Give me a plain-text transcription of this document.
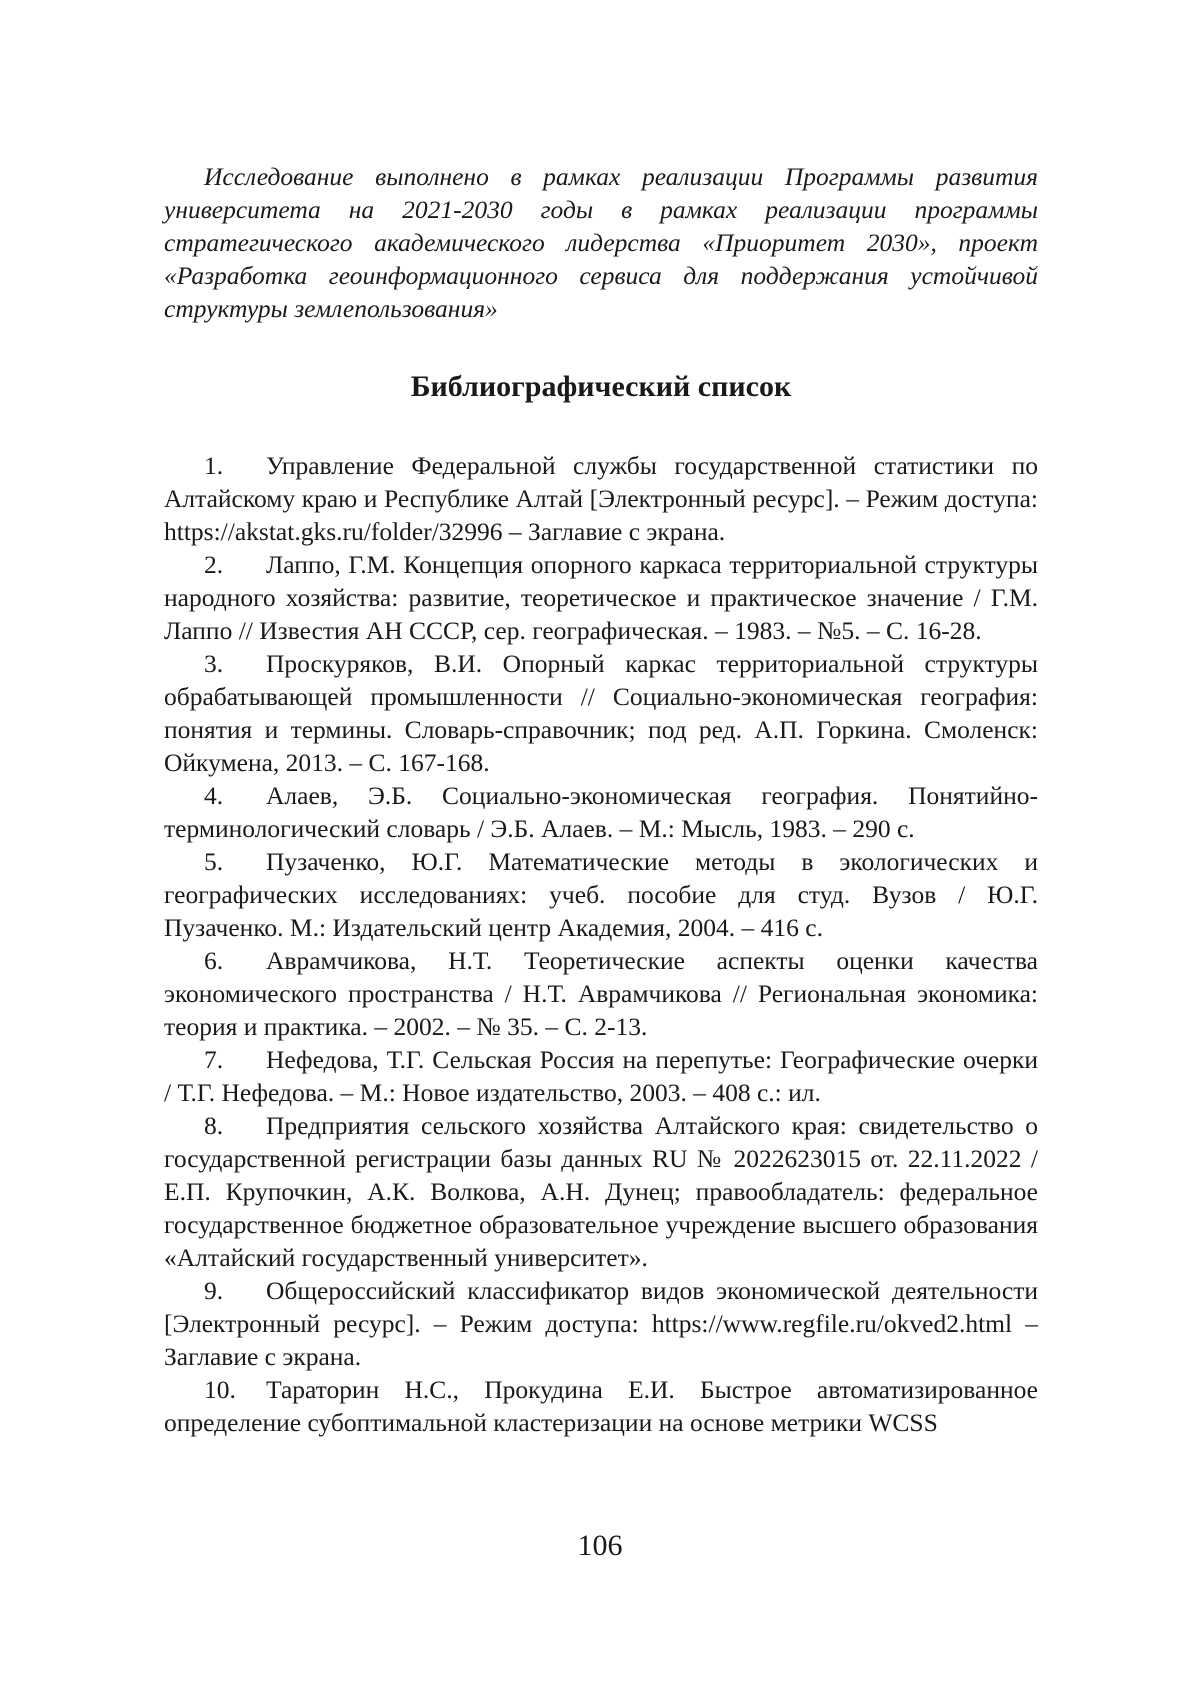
Исследование выполнено в рамках реализации Программы развития университета на 2021-2030 годы в рамках реализации программы стратегического академического лидерства «Приоритет 2030», проект «Разработка геоинформационного сервиса для поддержания устойчивой структуры землепользования»

Библиографический список
1. Управление Федеральной службы государственной статистики по Алтайскому краю и Республике Алтай [Электронный ресурс]. – Режим доступа: https://akstat.gks.ru/folder/32996 – Заглавие с экрана.
2. Лаппо, Г.М. Концепция опорного каркаса территориальной структуры народного хозяйства: развитие, теоретическое и практическое значение / Г.М. Лаппо // Известия АН СССР, сер. географическая. – 1983. – №5. – С. 16-28.
3. Проскуряков, В.И. Опорный каркас территориальной структуры обрабатывающей промышленности // Социально-экономическая география: понятия и термины. Словарь-справочник; под ред. А.П. Горкина. Смоленск: Ойкумена, 2013. – С. 167-168.
4. Алаев, Э.Б. Социально-экономическая география. Понятийно-терминологический словарь / Э.Б. Алаев. – М.: Мысль, 1983. – 290 с.
5. Пузаченко, Ю.Г. Математические методы в экологических и географических исследованиях: учеб. пособие для студ. Вузов / Ю.Г. Пузаченко. М.: Издательский центр Академия, 2004. – 416 с.
6. Аврамчикова, Н.Т. Теоретические аспекты оценки качества экономического пространства / Н.Т. Аврамчикова // Региональная экономика: теория и практика. – 2002. – № 35. – С. 2-13.
7. Нефедова, Т.Г. Сельская Россия на перепутье: Географические очерки / Т.Г. Нефедова. – М.: Новое издательство, 2003. – 408 с.: ил.
8. Предприятия сельского хозяйства Алтайского края: свидетельство о государственной регистрации базы данных RU № 2022623015 от. 22.11.2022 / Е.П. Крупочкин, А.К. Волкова, А.Н. Дунец; правообладатель: федеральное государственное бюджетное образовательное учреждение высшего образования «Алтайский государственный университет».
9. Общероссийский классификатор видов экономической деятельности [Электронный ресурс]. – Режим доступа: https://www.regfile.ru/okved2.html – Заглавие с экрана.
10. Тараторин Н.С., Прокудина Е.И. Быстрое автоматизированное определение субоптимальной кластеризации на основе метрики WCSS
106
